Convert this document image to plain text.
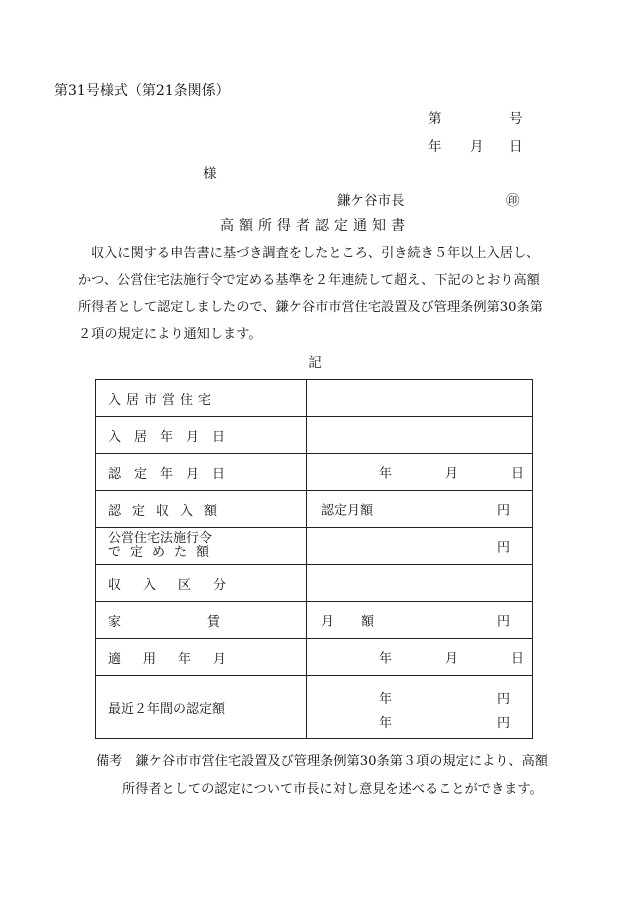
第31号様式（第21条関係）
第	号
年 月 日
様
鎌ケ谷市長	㊞
高額所得者認定通知書
収入に関する申告書に基づき調査をしたところ、引き続き５年以上入居し、
かつ、公営住宅法施行令で定める基準を２年連続して超え、下記のとおり高額
所得者として認定しましたので、鎌ケ谷市市営住宅設置及び管理条例第30条第
２項の規定により通知します。
記
入居市営住宅	

入居年月日	

認定年月日	年 月 日

認定収入額	認定月額 円

公営住宅法施行令
で定めた額	円

収入区分	

家賃	月 額 円

適用年月	年 月 日

最近２年間の認定額	年 円
年 円
備考　鎌ケ谷市市営住宅設置及び管理条例第30条第３項の規定により、高額
所得者としての認定について市長に対し意見を述べることができます。
